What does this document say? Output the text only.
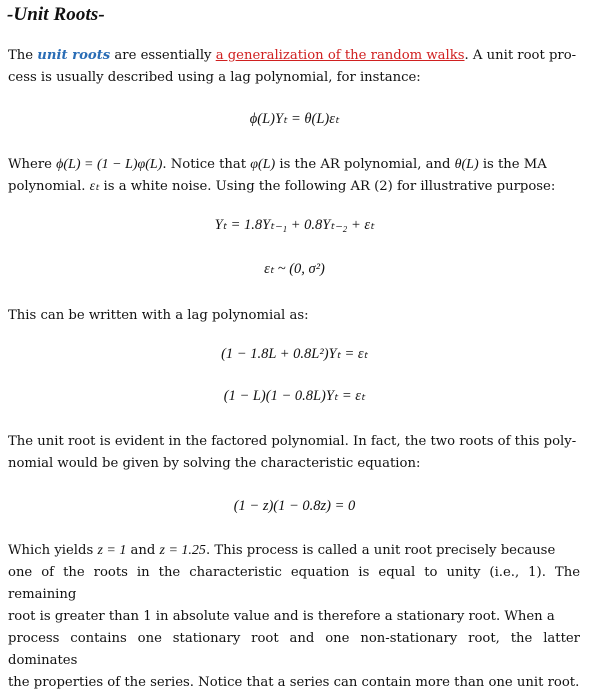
-Unit Roots-
The unit roots are essentially a generalization of the random walks. A unit root pro-
cess is usually described using a lag polynomial, for instance:
ϕ(L)Yₜ = θ(L)εₜ
Where ϕ(L) = (1 − L)φ(L). Notice that φ(L) is the AR polynomial, and θ(L) is the MA
polynomial. εₜ is a white noise. Using the following AR (2) for illustrative purpose:
Yₜ = 1.8Yₜ₋₁ + 0.8Yₜ₋₂ + εₜ
εₜ ~ (0, σ²)
This can be written with a lag polynomial as:
(1 − 1.8L + 0.8L²)Yₜ = εₜ
(1 − L)(1 − 0.8L)Yₜ = εₜ
The unit root is evident in the factored polynomial. In fact, the two roots of this poly-
nomial would be given by solving the characteristic equation:
(1 − z)(1 − 0.8z) = 0
Which yields z = 1 and z = 1.25. This process is called a unit root precisely because
one of the roots in the characteristic equation is equal to unity (i.e., 1). The remaining
root is greater than 1 in absolute value and is therefore a stationary root. When a
process contains one stationary root and one non-stationary root, the latter dominates
the properties of the series. Notice that a series can contain more than one unit root.
